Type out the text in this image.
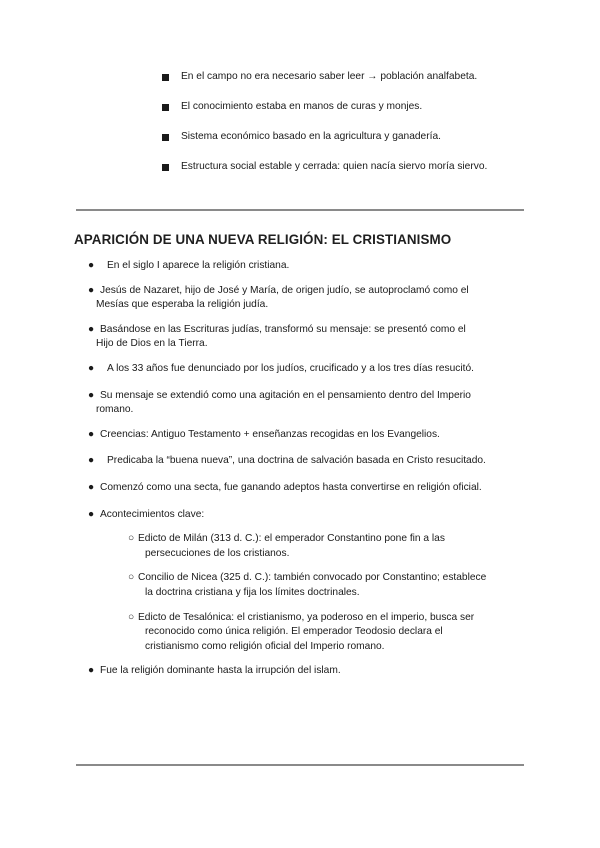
En el campo no era necesario saber leer → población analfabeta.
El conocimiento estaba en manos de curas y monjes.
Sistema económico basado en la agricultura y ganadería.
Estructura social estable y cerrada: quien nacía siervo moría siervo.
APARICIÓN DE UNA NUEVA RELIGIÓN: EL CRISTIANISMO
●	En el siglo I aparece la religión cristiana.
● Jesús de Nazaret, hijo de José y María, de origen judío, se autoproclamó como el
Mesías que esperaba la religión judía.
● Basándose en las Escrituras judías, transformó su mensaje: se presentó como el
Hijo de Dios en la Tierra.
●	A los 33 años fue denunciado por los judíos, crucificado y a los tres días resucitó.
● Su mensaje se extendió como una agitación en el pensamiento dentro del Imperio
romano.
● Creencias: Antiguo Testamento + enseñanzas recogidas en los Evangelios.
●	Predicaba la “buena nueva”, una doctrina de salvación basada en Cristo resucitado.
● Comenzó como una secta, fue ganando adeptos hasta convertirse en religión oficial.
● Acontecimientos clave:
○ Edicto de Milán (313 d. C.): el emperador Constantino pone fin a las
persecuciones de los cristianos.
○ Concilio de Nicea (325 d. C.): también convocado por Constantino; establece
la doctrina cristiana y fija los límites doctrinales.
○ Edicto de Tesalónica: el cristianismo, ya poderoso en el imperio, busca ser
reconocido como única religión. El emperador Teodosio declara el
cristianismo como religión oficial del Imperio romano.
● Fue la religión dominante hasta la irrupción del islam.
